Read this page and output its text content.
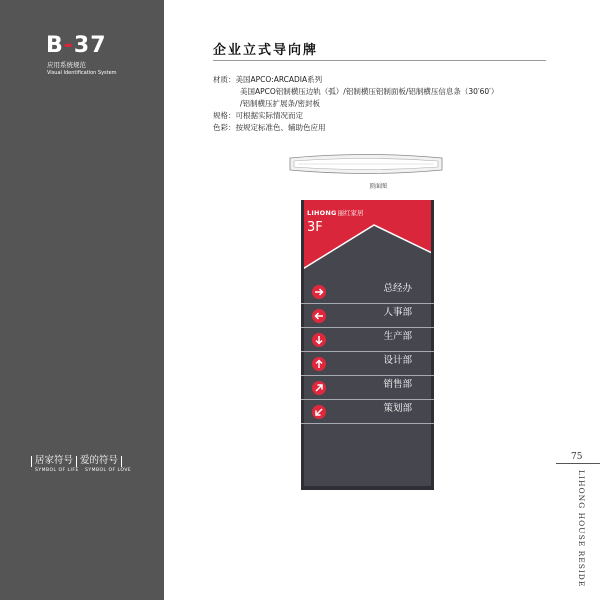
B-37
应用系统规范
Visual Identification System
居家符号 爱的符号
SYMBOL OF LIFE	SYMBOL OF LOVE
企业立式导向牌
材质：美国APCO:ARCADIA系列
美国APCO铝制横压边轨（弧）/铝制横压铝制面板/铝制横压信息条（30′60′）
/铝制横压扩展条/密封板
规格：可根据实际情况而定
色彩：按规定标准色、辅助色应用
顶面图
LIHONG 丽红家居
3F
总经办
人事部
生产部
设计部
销售部
策划部
75
LIHONG HOUSE RESIDE
